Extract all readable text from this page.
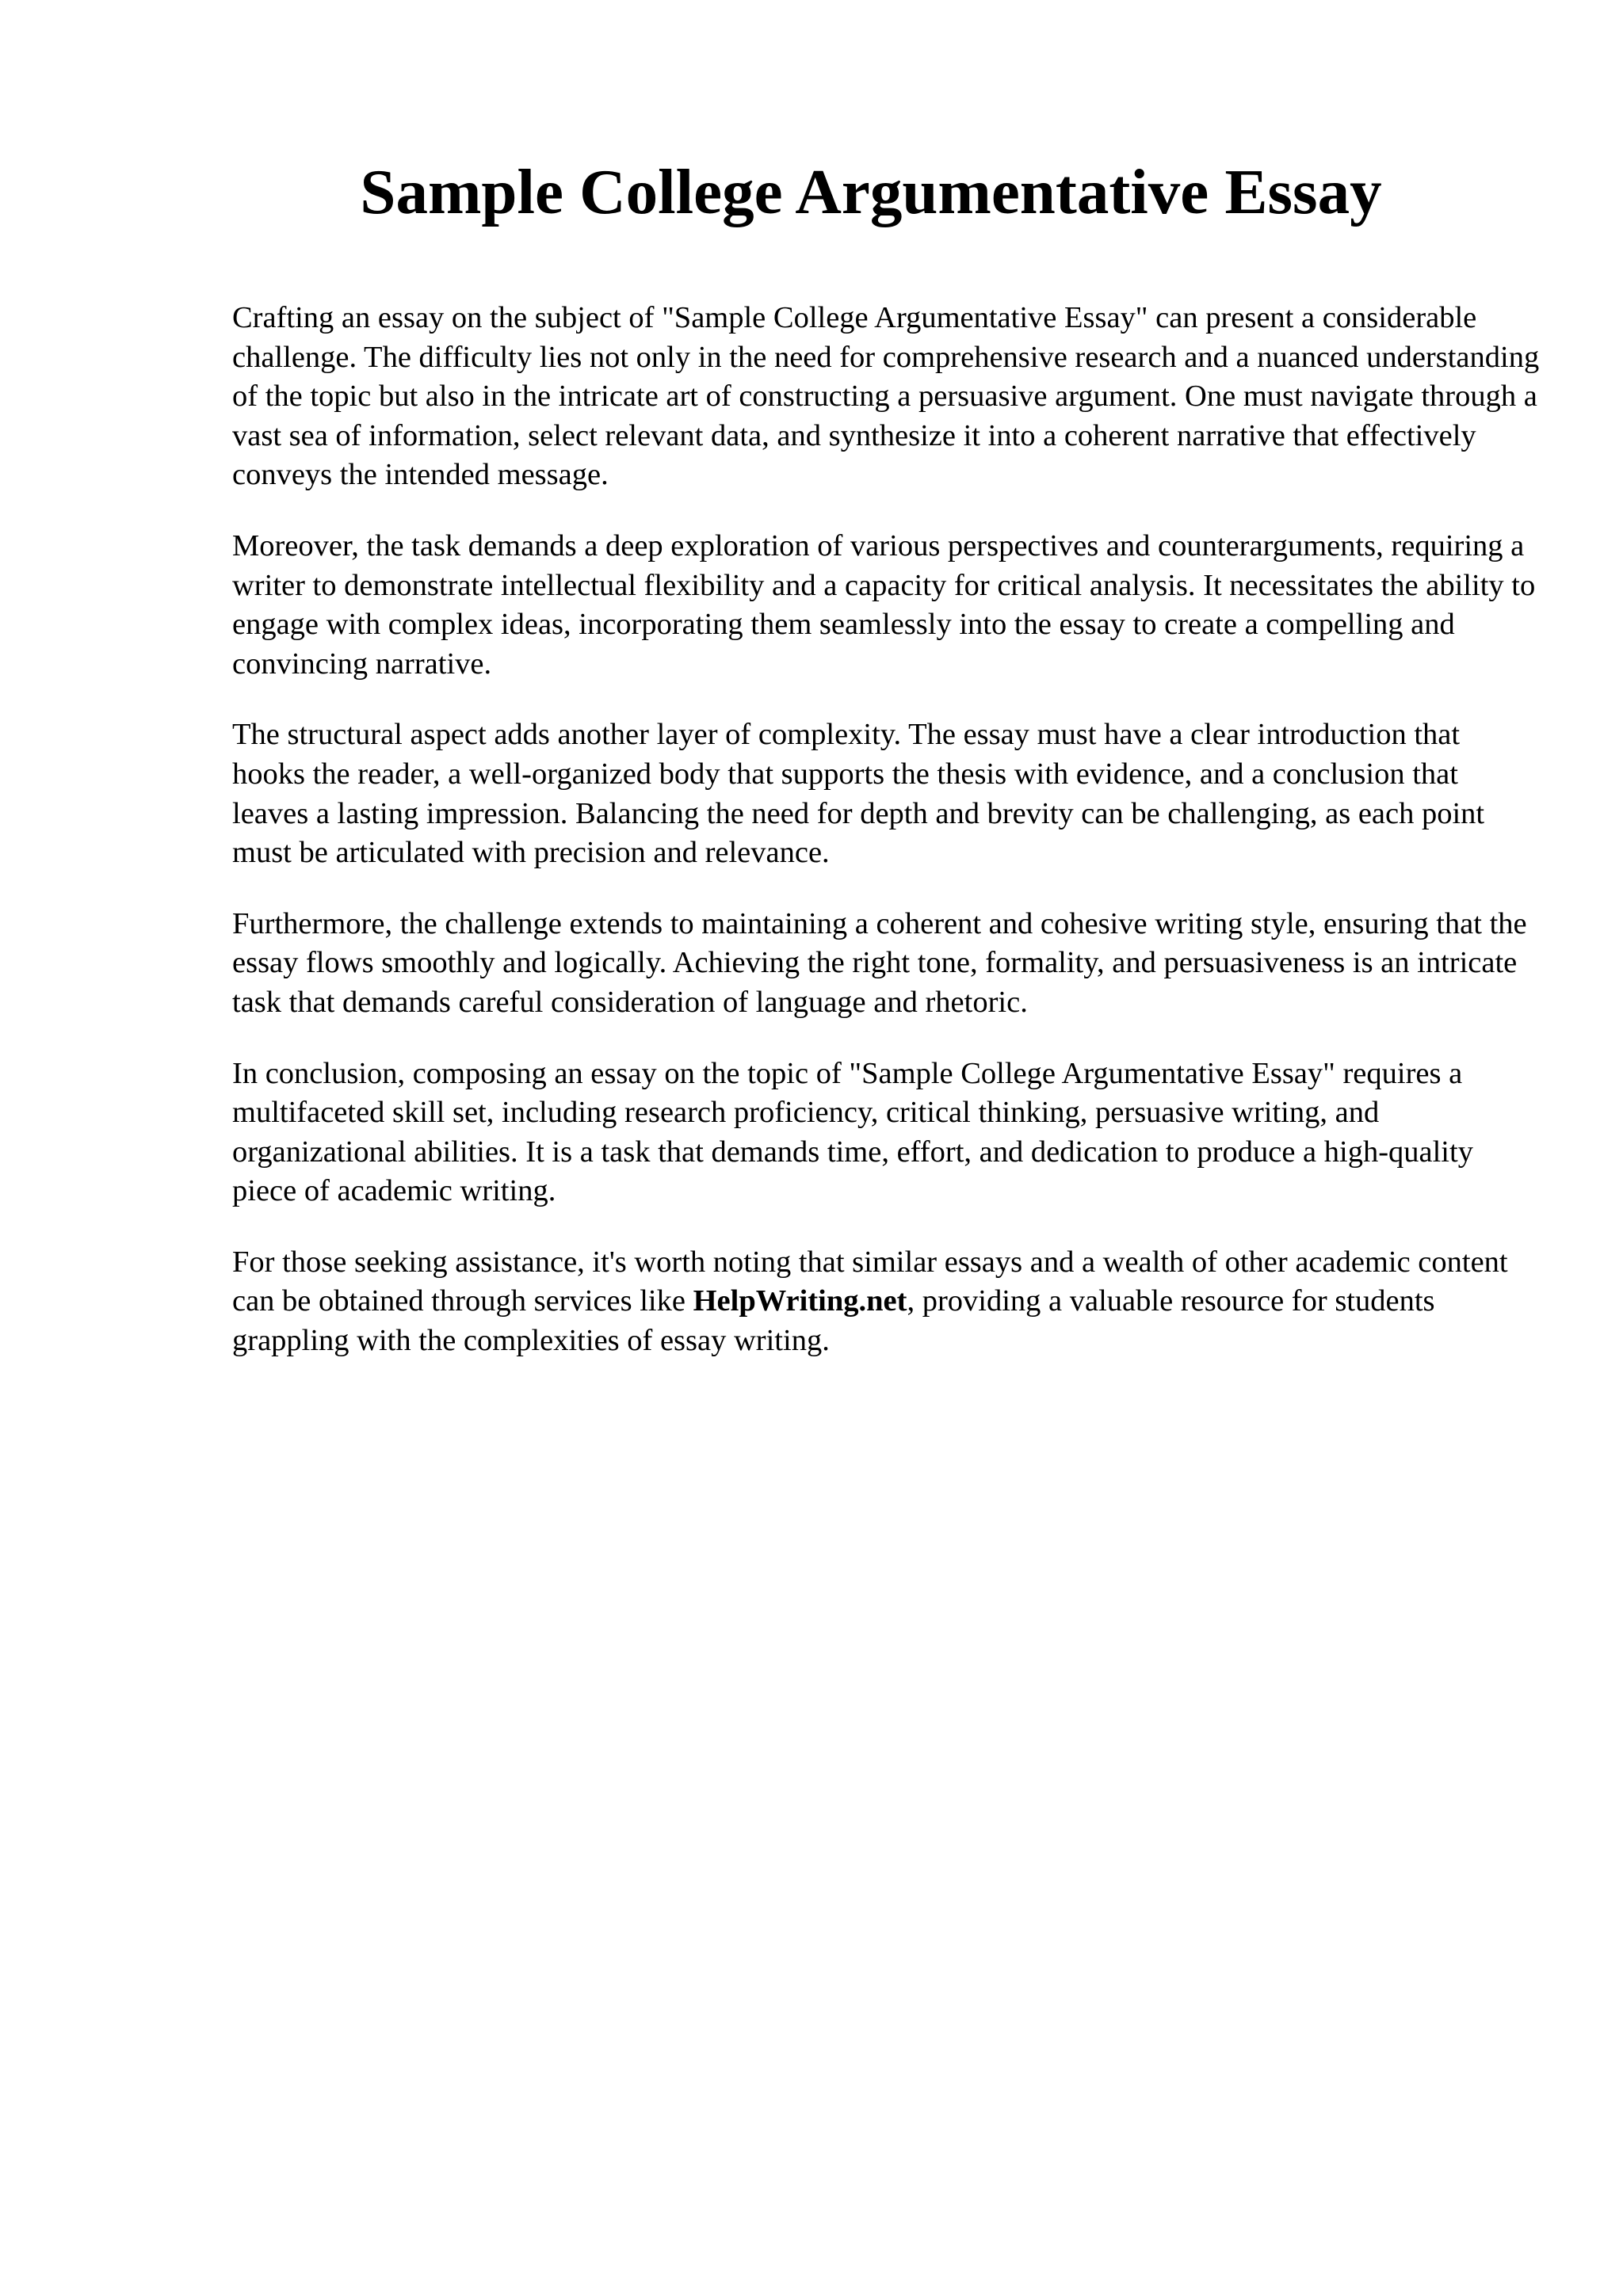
Sample College Argumentative Essay

Crafting an essay on the subject of "Sample College Argumentative Essay" can present a considerable challenge. The difficulty lies not only in the need for comprehensive research and a nuanced understanding of the topic but also in the intricate art of constructing a persuasive argument. One must navigate through a vast sea of information, select relevant data, and synthesize it into a coherent narrative that effectively conveys the intended message.

Moreover, the task demands a deep exploration of various perspectives and counterarguments, requiring a writer to demonstrate intellectual flexibility and a capacity for critical analysis. It necessitates the ability to engage with complex ideas, incorporating them seamlessly into the essay to create a compelling and convincing narrative.

The structural aspect adds another layer of complexity. The essay must have a clear introduction that hooks the reader, a well-organized body that supports the thesis with evidence, and a conclusion that leaves a lasting impression. Balancing the need for depth and brevity can be challenging, as each point must be articulated with precision and relevance.

Furthermore, the challenge extends to maintaining a coherent and cohesive writing style, ensuring that the essay flows smoothly and logically. Achieving the right tone, formality, and persuasiveness is an intricate task that demands careful consideration of language and rhetoric.

In conclusion, composing an essay on the topic of "Sample College Argumentative Essay" requires a multifaceted skill set, including research proficiency, critical thinking, persuasive writing, and organizational abilities. It is a task that demands time, effort, and dedication to produce a high-quality piece of academic writing.

For those seeking assistance, it's worth noting that similar essays and a wealth of other academic content can be obtained through services like HelpWriting.net, providing a valuable resource for students grappling with the complexities of essay writing.
